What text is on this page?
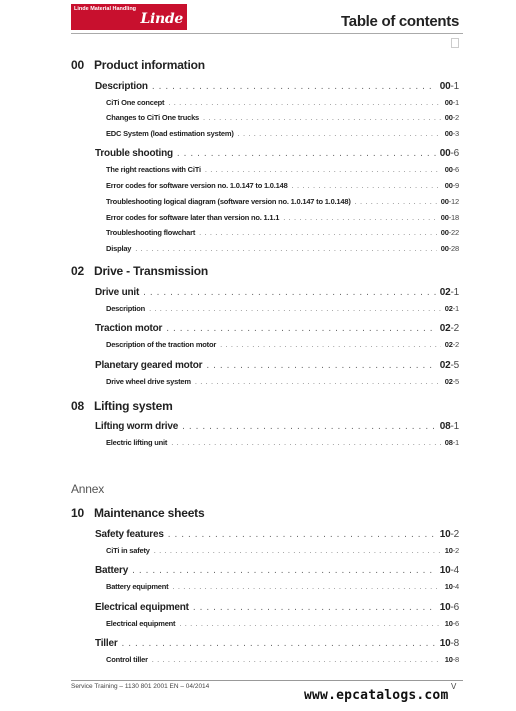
Linde Material Handling
Linde	Table of contents
00 Product information
Description . . .	00-1
CiTi One concept . . .	00-1
Changes to CiTi One trucks . . .	00-2
EDC System (load estimation system) . . .	00-3
Trouble shooting . . .	00-6
The right reactions with CiTi . . .	00-6
Error codes for software version no. 1.0.147 to 1.0.148 . . .	00-9
Troubleshooting logical diagram (software version no. 1.0.147 to 1.0.148) . . .	00-12
Error codes for software later than version no. 1.1.1 . . .	00-18
Troubleshooting flowchart . . .	00-22
Display . . .	00-28
02 Drive - Transmission
Drive unit . . .	02-1
Description . . .	02-1
Traction motor . . .	02-2
Description of the traction motor . . .	02-2
Planetary geared motor . . .	02-5
Drive wheel drive system . . .	02-5
08 Lifting system
Lifting worm drive . . .	08-1
Electric lifting unit . . .	08-1
Annex
10 Maintenance sheets
Safety features . . .	10-2
CiTi in safety . . .	10-2
Battery . . .	10-4
Battery equipment . . .	10-4
Electrical equipment . . .	10-6
Electrical equipment . . .	10-6
Tiller . . .	10-8
Control tiller . . .	10-8
Service Training – 1130 801 2001 EN – 04/2014	V
www.epcatalogs.com
